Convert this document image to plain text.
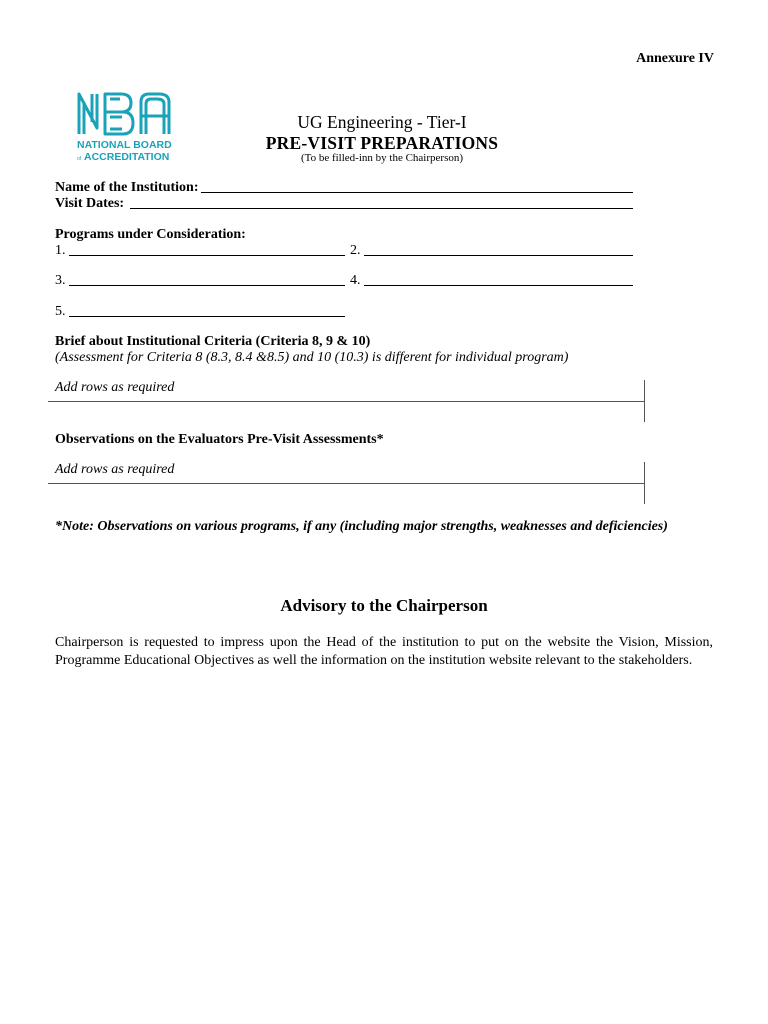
Annexure IV
NATIONAL BOARD
of ACCREDITATION
UG Engineering - Tier-I
PRE-VISIT PREPARATIONS
(To be filled-inn by the Chairperson)
Name of the Institution:
Visit Dates:
Programs under Consideration:
1.	2.
3.	4.
5.
Brief about Institutional Criteria (Criteria 8, 9 & 10)
(Assessment for Criteria 8 (8.3, 8.4 &8.5) and 10 (10.3) is different for individual program)
Add rows as required
Observations on the Evaluators Pre-Visit Assessments*
Add rows as required
*Note: Observations on various programs, if any (including major strengths, weaknesses and deficiencies)
Advisory to the Chairperson
Chairperson is requested to impress upon the Head of the institution to put on the website the Vision, Mission, Programme Educational Objectives as well the information on the institution website relevant to the stakeholders.
